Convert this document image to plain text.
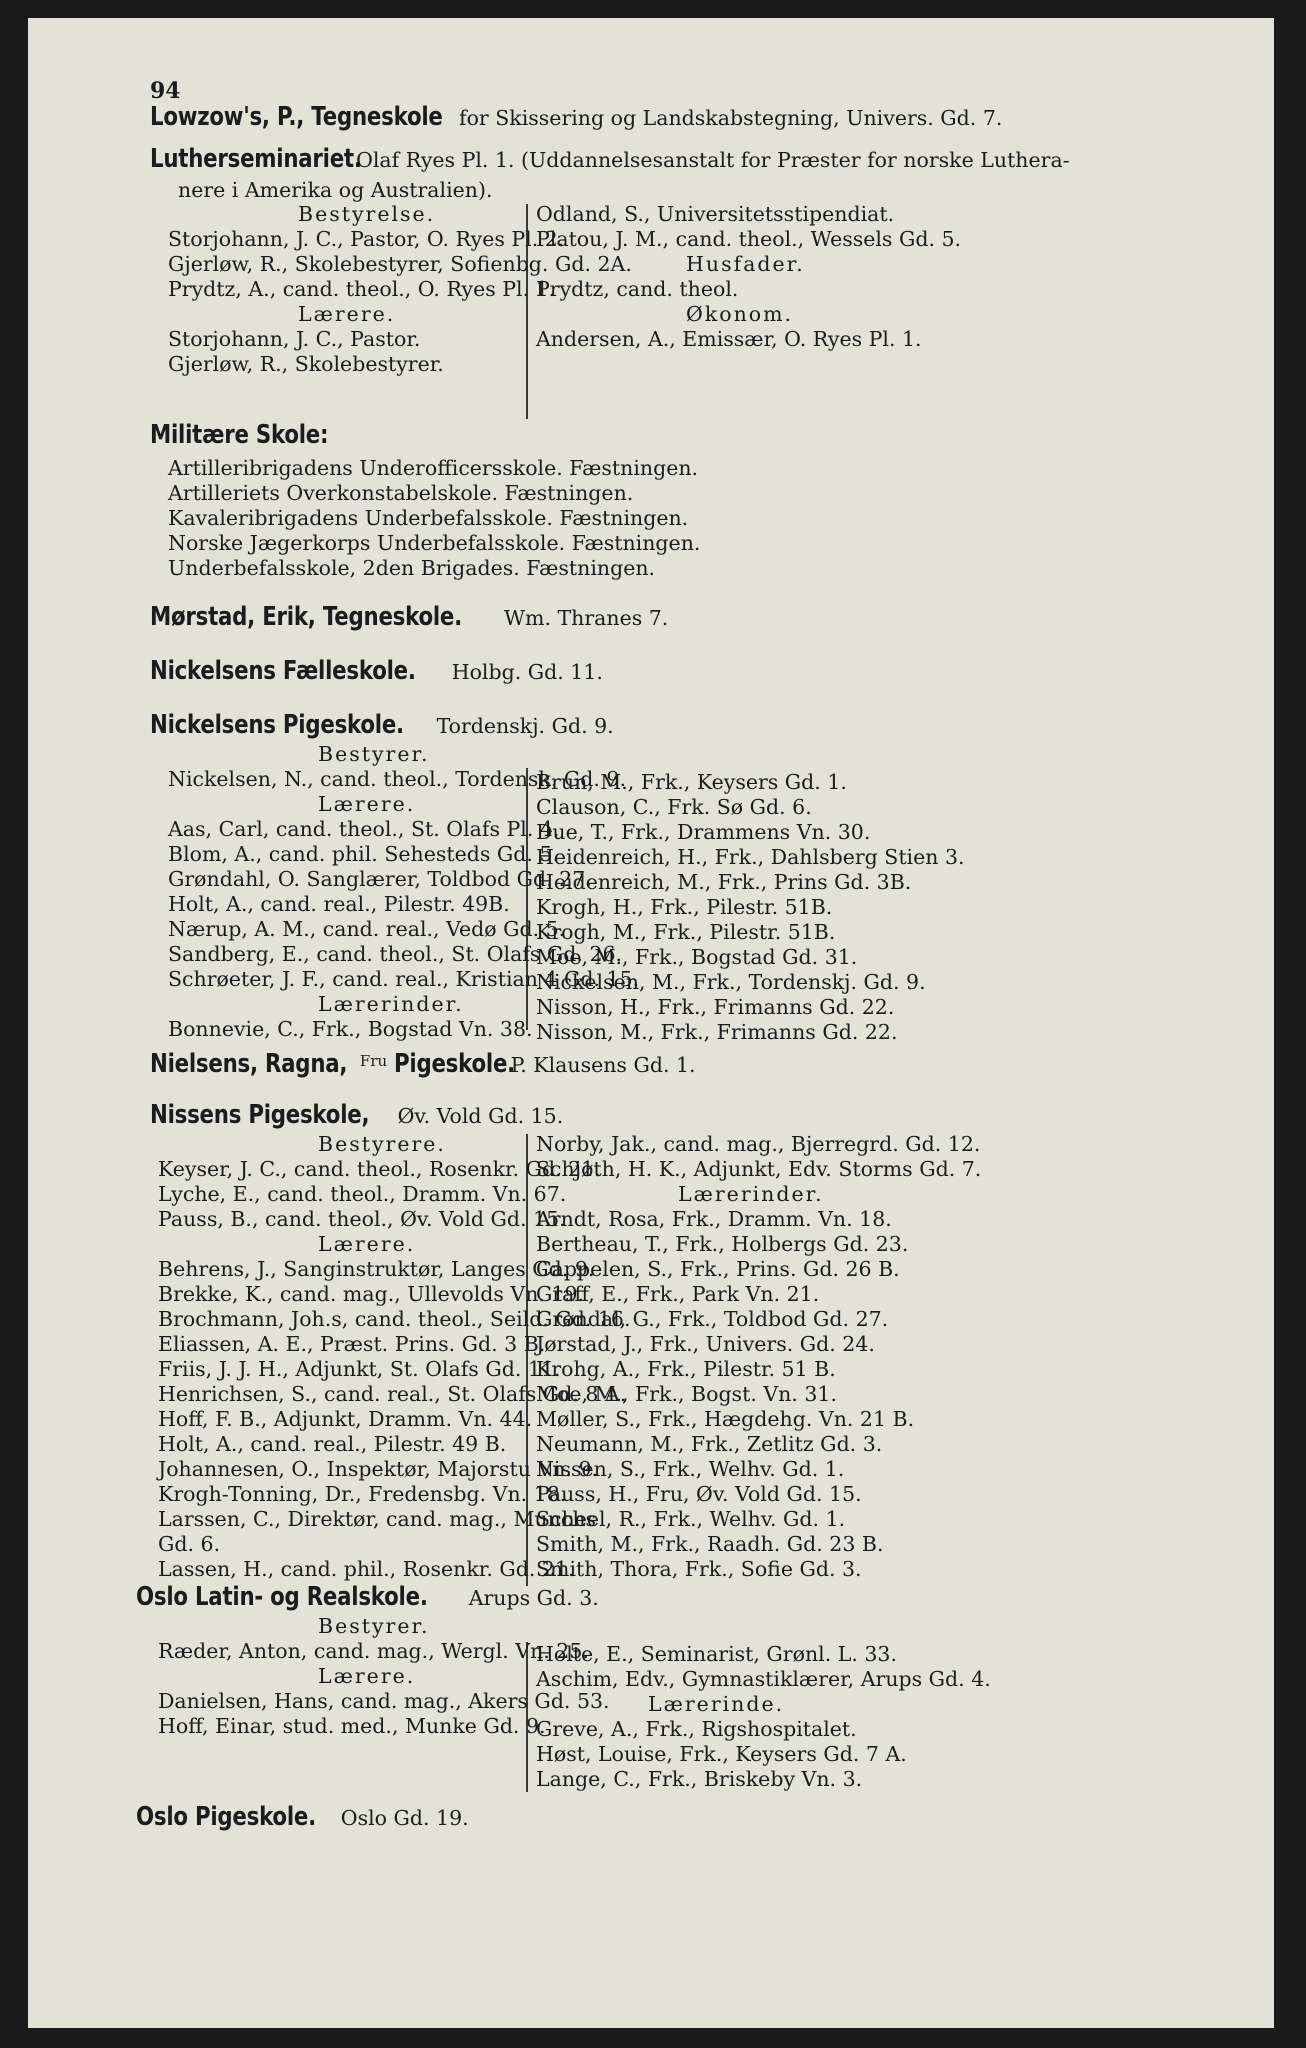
94
Lowzow's, P., Tegneskole for Skissering og Landskabstegning, Univers. Gd. 7.
Lutherseminariet. Olaf Ryes Pl. 1. (Uddannelsesanstalt for Præster for norske Luthera-
nere i Amerika og Australien).
Militære Skole:
Mørstad, Erik, Tegneskole. Wm. Thranes 7.
Nickelsens Fælleskole. Holbg. Gd. 11.
Nickelsens Pigeskole. Tordenskj. Gd. 9.
Nielsens, Ragna, $^{Fru}$ Pigeskole. P. Klausens Gd. 1.
Nissens Pigeskole, Øv. Vold Gd. 15.
Oslo Latin- og Realskole. Arups Gd. 3.
Oslo Pigeskole. Oslo Gd. 19.
Bestyrelse.
Storjohann, J. C., Pastor, O. Ryes Pl. 2.
Gjerløw, R., Skolebestyrer, Sofienbg. Gd. 2A.
Prydtz, A., cand. theol., O. Ryes Pl. 1.
Lærere.
Storjohann, J. C., Pastor.
Gjerløw, R., Skolebestyrer.
Odland, S., Universitetsstipendiat.
Platou, J. M., cand. theol., Wessels Gd. 5.
Husfader.
Prydtz, cand. theol.
Økonom.
Andersen, A., Emissær, O. Ryes Pl. 1.
Bestyrer.
Nickelsen, N., cand. theol., Tordensk. Gd. 9.
Lærere.
Aas, Carl, cand. theol., St. Olafs Pl. 4.
Blom, A., cand. phil. Sehesteds Gd. 5.
Grøndahl, O. Sanglærer, Toldbod Gd. 27.
Holt, A., cand. real., Pilestr. 49B.
Nærup, A. M., cand. real., Vedø Gd. 5.
Sandberg, E., cand. theol., St. Olafs Gd. 26.
Schrøeter, J. F., cand. real., Kristian 4 Gd. 15.
Lærerinder.
Bonnevie, C., Frk., Bogstad Vn. 38.
Brun, M., Frk., Keysers Gd. 1.
Clauson, C., Frk. Sø Gd. 6.
Due, T., Frk., Drammens Vn. 30.
Heidenreich, H., Frk., Dahlsberg Stien 3.
Heidenreich, M., Frk., Prins Gd. 3B.
Krogh, H., Frk., Pilestr. 51B.
Krogh, M., Frk., Pilestr. 51B.
Moe, M., Frk., Bogstad Gd. 31.
Nickelsen, M., Frk., Tordenskj. Gd. 9.
Nisson, H., Frk., Frimanns Gd. 22.
Nisson, M., Frk., Frimanns Gd. 22.
Bestyrere.
Keyser, J. C., cand. theol., Rosenkr. Gd. 21.
Lyche, E., cand. theol., Dramm. Vn. 67.
Pauss, B., cand. theol., Øv. Vold Gd. 15.
Lærere.
Behrens, J., Sanginstruktør, Langes Gd. 9.
Brekke, K., cand. mag., Ullevolds Vn. 19.
Brochmann, Joh.s, cand. theol., Seild. Gd. 16.
Eliassen, A. E., Præst. Prins. Gd. 3 B.
Friis, J. J. H., Adjunkt, St. Olafs Gd. 11.
Henrichsen, S., cand. real., St. Olafs Gd. 8 A.
Hoff, F. B., Adjunkt, Dramm. Vn. 44.
Holt, A., cand. real., Pilestr. 49 B.
Johannesen, O., Inspektør, Majorstu Vn. 9.
Krogh-Tonning, Dr., Fredensbg. Vn. 18.
Larssen, C., Direktør, cand. mag., Munchs
Gd. 6.
Lassen, H., cand. phil., Rosenkr. Gd. 21.
Norby, Jak., cand. mag., Bjerregrd. Gd. 12.
Schjøth, H. K., Adjunkt, Edv. Storms Gd. 7.
Lærerinder.
Arndt, Rosa, Frk., Dramm. Vn. 18.
Bertheau, T., Frk., Holbergs Gd. 23.
Cappelen, S., Frk., Prins. Gd. 26 B.
Graff, E., Frk., Park Vn. 21.
Grøndal, G., Frk., Toldbod Gd. 27.
Jørstad, J., Frk., Univers. Gd. 24.
Krohg, A., Frk., Pilestr. 51 B.
Moe, M., Frk., Bogst. Vn. 31.
Møller, S., Frk., Hægdehg. Vn. 21 B.
Neumann, M., Frk., Zetlitz Gd. 3.
Nissen, S., Frk., Welhv. Gd. 1.
Pauss, H., Fru, Øv. Vold Gd. 15.
Scheel, R., Frk., Welhv. Gd. 1.
Smith, M., Frk., Raadh. Gd. 23 B.
Smith, Thora, Frk., Sofie Gd. 3.
Bestyrer.
Ræder, Anton, cand. mag., Wergl. Vn. 25.
Lærere.
Danielsen, Hans, cand. mag., Akers Gd. 53.
Hoff, Einar, stud. med., Munke Gd. 9.
Holte, E., Seminarist, Grønl. L. 33.
Aschim, Edv., Gymnastiklærer, Arups Gd. 4.
Lærerinde.
Greve, A., Frk., Rigshospitalet.
Høst, Louise, Frk., Keysers Gd. 7 A.
Lange, C., Frk., Briskeby Vn. 3.
Artilleribrigadens Underofficersskole. Fæstningen.
Artilleriets Overkonstabelskole. Fæstningen.
Kavaleribrigadens Underbefalsskole. Fæstningen.
Norske Jægerkorps Underbefalsskole. Fæstningen.
Underbefalsskole, 2den Brigades. Fæstningen.
